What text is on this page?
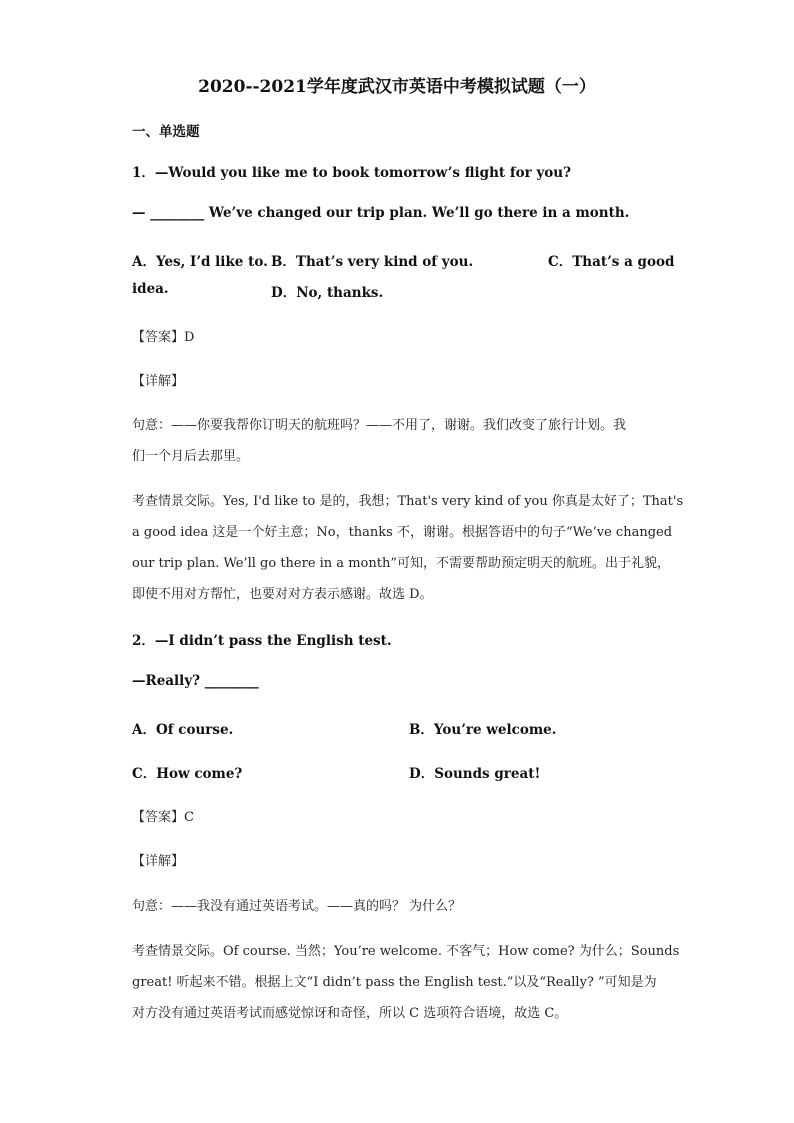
2020--2021学年度武汉市英语中考模拟试题（一）
一、单选题
1．—Would you like me to book tomorrow’s flight for you?
— ________ We’ve changed our trip plan. We’ll go there in a month.
A．Yes, I’d like to. B．That’s very kind of you.	C．That’s a good
idea.	D．No, thanks.
【答案】D
【详解】
句意：——你要我帮你订明天的航班吗？——不用了，谢谢。我们改变了旅行计划。我
们一个月后去那里。
考查情景交际。Yes, I'd like to 是的，我想；That's very kind of you 你真是太好了；That's
a good idea 这是一个好主意；No，thanks 不，谢谢。根据答语中的句子“We’ve changed
our trip plan. We’ll go there in a month”可知，不需要帮助预定明天的航班。出于礼貌，
即使不用对方帮忙，也要对对方表示感谢。故选 D。
2．—I didn’t pass the English test.
—Really? ________
A．Of course.	B．You’re welcome.
C．How come?	D．Sounds great!
【答案】C
【详解】
句意：——我没有通过英语考试。——真的吗？ 为什么？
考查情景交际。Of course. 当然；You’re welcome. 不客气；How come? 为什么；Sounds
great! 听起来不错。根据上文“I didn’t pass the English test.”以及“Really? ”可知是为
对方没有通过英语考试而感觉惊讶和奇怪，所以 C 选项符合语境，故选 C。
